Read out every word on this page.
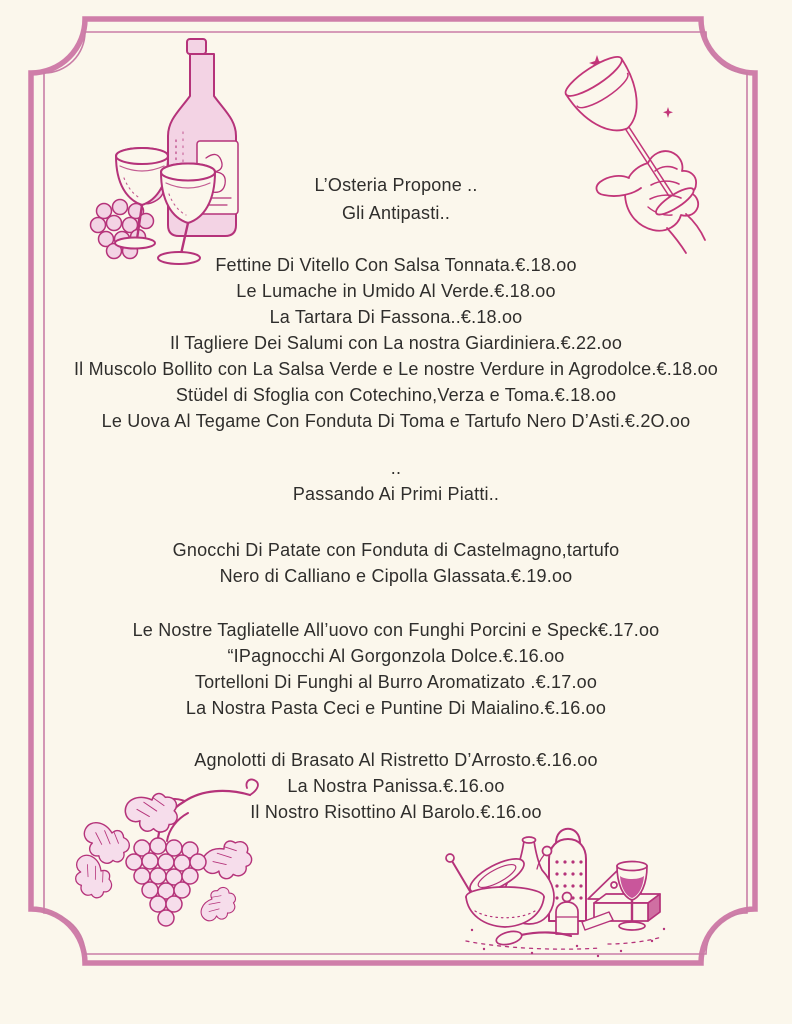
L’Osteria Propone ..
Gli Antipasti..
Fettine Di Vitello Con Salsa Tonnata.€.18.oo
Le Lumache in Umido Al Verde.€.18.oo
La Tartara Di Fassona..€.18.oo
Il Tagliere Dei Salumi con La nostra Giardiniera.€.22.oo
Il Muscolo Bollito con La Salsa Verde e Le nostre Verdure in Agrodolce.€.18.oo
Stüdel di Sfoglia con Cotechino,Verza e Toma.€.18.oo
Le Uova Al Tegame Con Fonduta Di Toma e Tartufo Nero D’Asti.€.2O.oo
..
Passando Ai Primi Piatti..
Gnocchi Di Patate con Fonduta di Castelmagno,tartufo
Nero di Calliano e Cipolla Glassata.€.19.oo
Le Nostre Tagliatelle All’uovo con Funghi Porcini e Speck€.17.oo
“IPagnocchi Al Gorgonzola Dolce.€.16.oo
Tortelloni Di Funghi al Burro Aromatizato .€.17.oo
La Nostra Pasta Ceci e Puntine Di Maialino.€.16.oo
Agnolotti di Brasato Al Ristretto D’Arrosto.€.16.oo
La Nostra Panissa.€.16.oo
Il Nostro Risottino Al Barolo.€.16.oo
